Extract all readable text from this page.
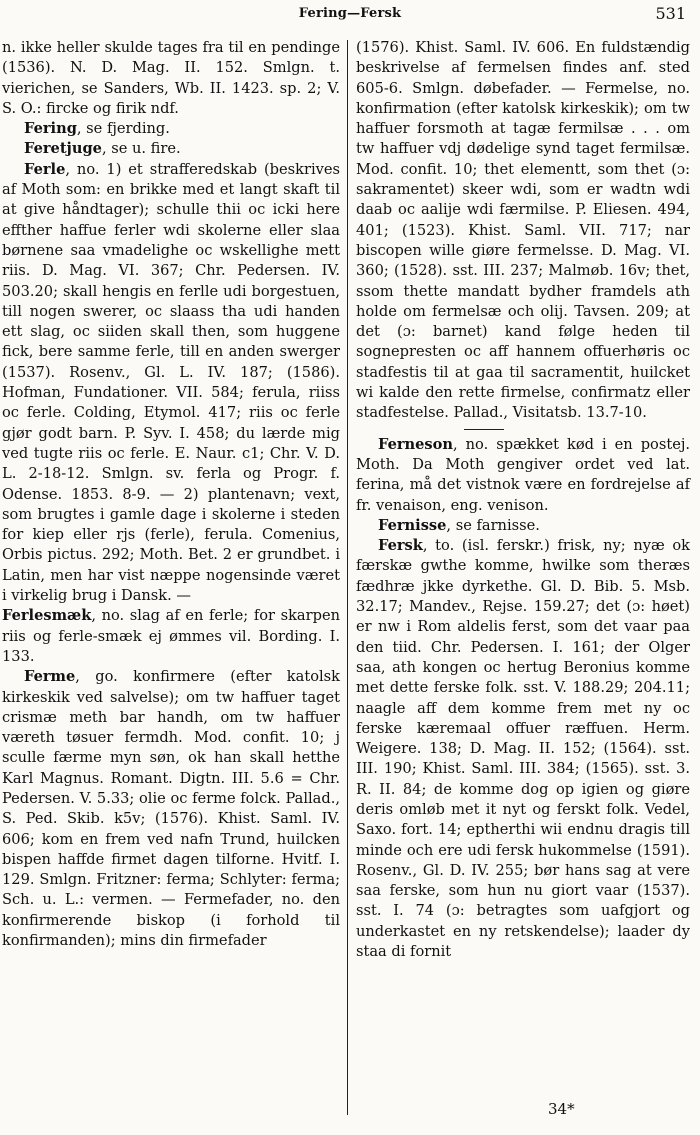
Fering—Fersk	531

n. ikke heller skulde tages fra til en pendinge (1536). N. D. Mag. II. 152. Smlgn. t. vierichen, se Sanders, Wb. II. 1423. sp. 2; V. S. O.: fircke og firik ndf.

Fering, se fjerding.

Feretjuge, se u. fire.

Ferle, no. 1) et strafferedskab (beskrives af Moth som: en brikke med et langt skaft til at give håndtager); schulle thii oc icki here effther haffue ferler wdi skolerne eller slaa børnene saa vmadelighe oc wskellighe mett riis. D. Mag. VI. 367; Chr. Pedersen. IV. 503.20; skall hengis en ferlle udi borgestuen, till nogen swerer, oc slaass tha udi handen ett slag, oc siiden skall then, som huggene fick, bere samme ferle, till en anden swerger (1537). Rosenv., Gl. L. IV. 187; (1586). Hofman, Fundationer. VII. 584; ferula, riiss oc ferle. Colding, Etymol. 417; riis oc ferle gjør godt barn. P. Syv. I. 458; du lærde mig ved tugte riis oc ferle. E. Naur. c1; Chr. V. D. L. 2-18-12. Smlgn. sv. ferla og Progr. f. Odense. 1853. 8-9. — 2) plantenavn; vext, som brugtes i gamle dage i skolerne i steden for kiep eller rjs (ferle), ferula. Comenius, Orbis pictus. 292; Moth. Bet. 2 er grundbet. i Latin, men har vist næppe nogensinde været i virkelig brug i Dansk. —

Ferlesmæk, no. slag af en ferle; for skarpen riis og ferle-smæk ej ømmes vil. Bording. I. 133.

Ferme, go. konfirmere (efter katolsk kirkeskik ved salvelse); om tw haffuer taget crismæ meth bar handh, om tw haffuer væreth tøsuer fermdh. Mod. confit. 10; j sculle færme myn søn, ok han skall hetthe Karl Magnus. Romant. Digtn. III. 5.6 = Chr. Pedersen. V. 5.33; olie oc ferme folck. Pallad., S. Ped. Skib. k5v; (1576). Khist. Saml. IV. 606; kom en frem ved nafn Trund, huilcken bispen haffde firmet dagen tilforne. Hvitf. I. 129. Smlgn. Fritzner: ferma; Schlyter: ferma; Sch. u. L.: vermen. — Fermefader, no. den konfirmerende biskop (i forhold til konfirmanden); mins din firmefader

(1576). Khist. Saml. IV. 606. En fuldstændig beskrivelse af fermelsen findes anf. sted 605-6. Smlgn. døbefader. — Fermelse, no. konfirmation (efter katolsk kirkeskik); om tw haffuer forsmoth at tagæ fermilsæ . . . om tw haffuer vdj dødelige synd taget fermilsæ. Mod. confit. 10; thet elementt, som thet (ɔ: sakramentet) skeer wdi, som er wadtn wdi daab oc aalije wdi færmilse. P. Eliesen. 494, 401; (1523). Khist. Saml. VII. 717; nar biscopen wille giøre fermelsse. D. Mag. VI. 360; (1528). sst. III. 237; Malmøb. 16v; thet, ssom thette mandatt bydher framdels ath holde om fermelsæ och olij. Tavsen. 209; at det (ɔ: barnet) kand følge heden til sognepresten oc aff hannem offuerhøris oc stadfestis til at gaa til sacramentit, huilcket wi kalde den rette firmelse, confirmatz eller stadfestelse. Pallad., Visitatsb. 13.7-10.

Ferneson, no. spækket kød i en postej. Moth. Da Moth gengiver ordet ved lat. ferina, må det vistnok være en fordrejelse af fr. venaison, eng. venison.

Fernisse, se farnisse.

Fersk, to. (isl. ferskr.) frisk, ny; nyæ ok færskæ gwthe komme, hwilke som theræs fædhræ jkke dyrkethe. Gl. D. Bib. 5. Msb. 32.17; Mandev., Rejse. 159.27; det (ɔ: høet) er nw i Rom aldelis ferst, som det vaar paa den tiid. Chr. Pedersen. I. 161; der Olger saa, ath kongen oc hertug Beronius komme met dette ferske folk. sst. V. 188.29; 204.11; naagle aff dem komme frem met ny oc ferske kæremaal offuer ræffuen. Herm. Weigere. 138; D. Mag. II. 152; (1564). sst. III. 190; Khist. Saml. III. 384; (1565). sst. 3. R. II. 84; de komme dog op igien og giøre deris omløb met it nyt og ferskt folk. Vedel, Saxo. fort. 14; eptherthi wii endnu dragis till minde och ere udi fersk hukommelse (1591). Rosenv., Gl. D. IV. 255; bør hans sag at vere saa ferske, som hun nu giort vaar (1537). sst. I. 74 (ɔ: betragtes som uafgjort og underkastet en ny retskendelse); laader dy staa di fornit

34*
